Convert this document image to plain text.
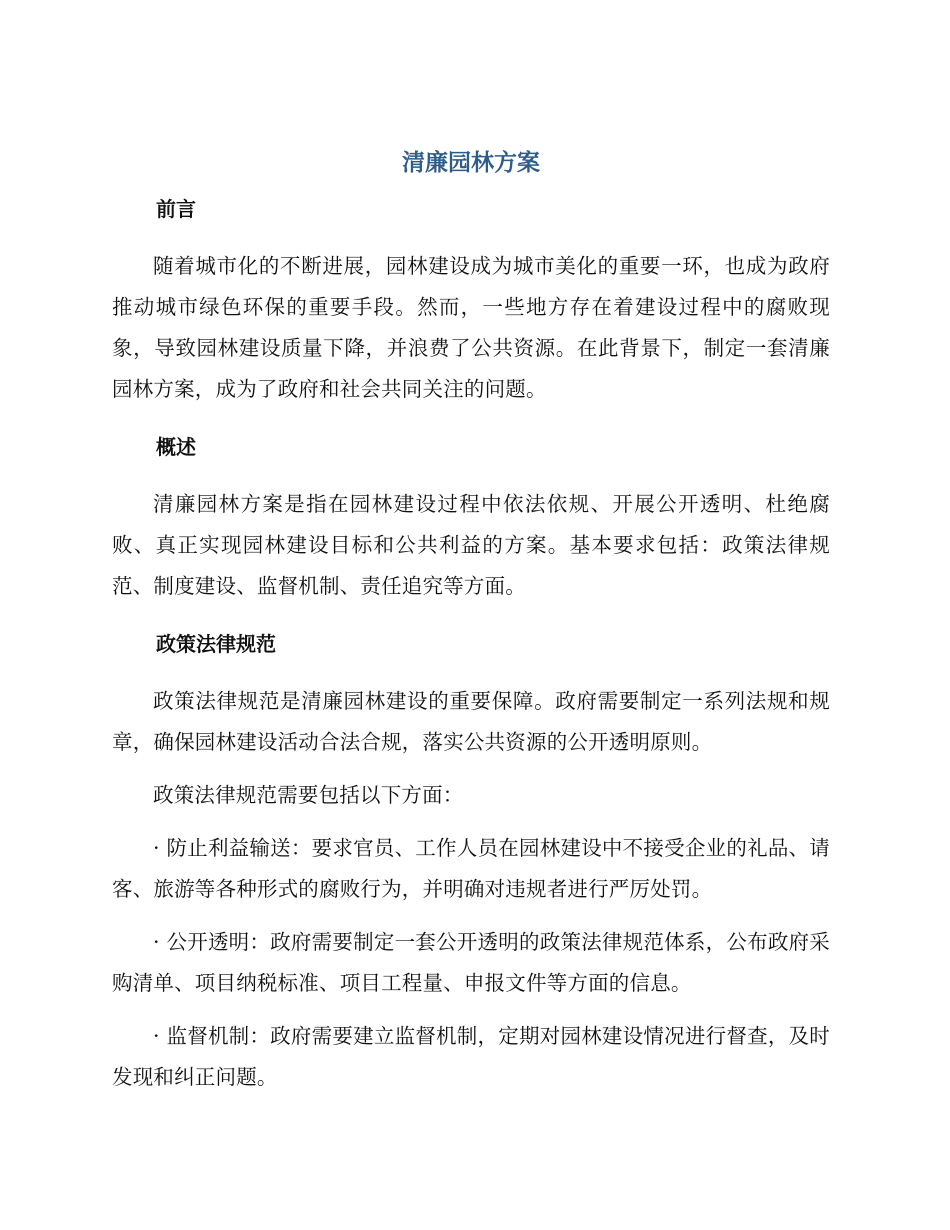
清廉园林方案
前言

随着城市化的不断进展，园林建设成为城市美化的重要一环，也成为政府推动城市绿色环保的重要手段。然而，一些地方存在着建设过程中的腐败现象，导致园林建设质量下降，并浪费了公共资源。在此背景下，制定一套清廉园林方案，成为了政府和社会共同关注的问题。

概述

清廉园林方案是指在园林建设过程中依法依规、开展公开透明、杜绝腐败、真正实现园林建设目标和公共利益的方案。基本要求包括：政策法律规范、制度建设、监督机制、责任追究等方面。

政策法律规范

政策法律规范是清廉园林建设的重要保障。政府需要制定一系列法规和规章，确保园林建设活动合法合规，落实公共资源的公开透明原则。

政策法律规范需要包括以下方面：

· 防止利益输送：要求官员、工作人员在园林建设中不接受企业的礼品、请客、旅游等各种形式的腐败行为，并明确对违规者进行严厉处罚。

· 公开透明：政府需要制定一套公开透明的政策法律规范体系，公布政府采购清单、项目纳税标准、项目工程量、申报文件等方面的信息。

· 监督机制：政府需要建立监督机制，定期对园林建设情况进行督查，及时发现和纠正问题。
